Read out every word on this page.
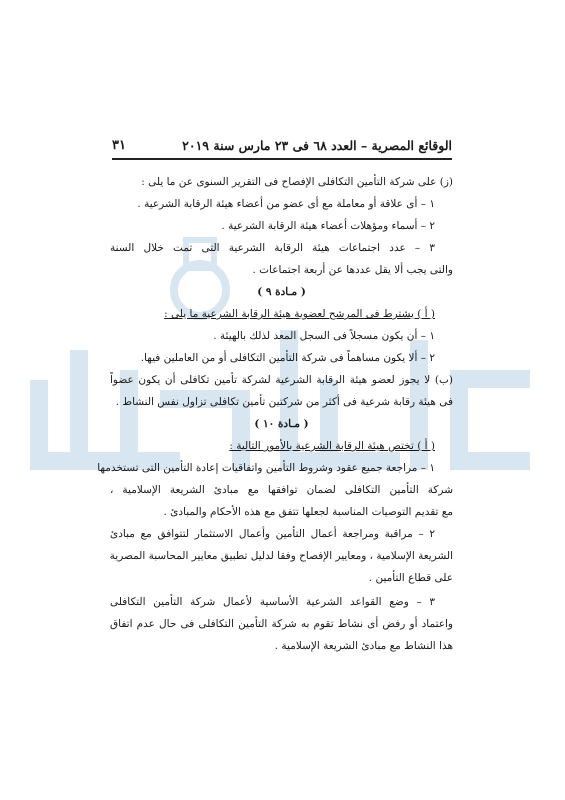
الوقائع المصرية – العدد ٦٨ فى ٢٣ مارس سنة ٢٠١٩
٣١
(ز) على شركة التأمين التكافلى الإفصاح فى التقرير السنوى عن ما يلى :
١ – أى علاقة أو معاملة مع أى عضو من أعضاء هيئة الرقابة الشرعية .
٢ – أسماء ومؤهلات أعضاء هيئة الرقابة الشرعية .
٣ – عدد اجتماعات هيئة الرقابة الشرعية التى تمت خلال السنة
والتى يجب ألا يقل عددها عن أربعة اجتماعات .
( مـادة ٩ )
( أ ) يشترط فى المرشح لعضوية هيئة الرقابة الشرعية ما يلى :
١ – أن يكون مسجلاً فى السجل المعد لذلك بالهيئة .
٢ – ألا يكون مساهماً فى شركة التأمين التكافلى أو من العاملين فيها.
(ب) لا يجوز لعضو هيئة الرقابة الشرعية لشركة تأمين تكافلى أن يكون عضواً
فى هيئة رقابة شرعية فى أكثر من شركتين تأمين تكافلى تزاول نفس النشاط .
( مـادة ١٠ )
( أ ) تختص هيئة الرقابة الشرعية بالأمور التالية :
١ – مراجعة جميع عقود وشروط التأمين واتفاقيات إعادة التأمين التى تستخدمها
شركة التأمين التكافلى لضمان توافقها مع مبادئ الشريعة الإسلامية ،
مع تقديم التوصيات المناسبة لجعلها تتفق مع هذه الأحكام والمبادئ .
٢ – مراقبة ومراجعة أعمال التأمين وأعمال الاستثمار لتتوافق مع مبادئ
الشريعة الإسلامية ، ومعايير الإفصاح وفقا لدليل تطبيق معايير المحاسبة المصرية
على قطاع التأمين .
٣ – وضع القواعد الشرعية الأساسية لأعمال شركة التأمين التكافلى
واعتماد أو رفض أى نشاط تقوم به شركة التأمين التكافلى فى حال عدم اتفاق
هذا النشاط مع مبادئ الشريعة الإسلامية .
